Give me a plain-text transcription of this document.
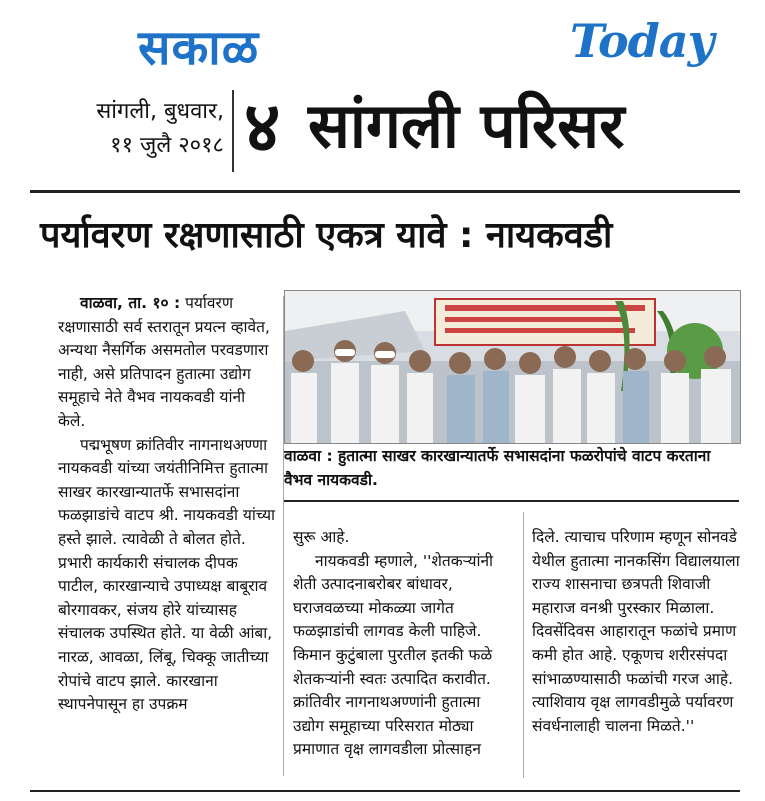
सकाळ	Today
सांगली, बुधवार,
११ जुलै २०१८ ४ सांगली परिसर
पर्यावरण रक्षणासाठी एकत्र यावे : नायकवडी

वाळवा, ता. १० : पर्यावरण रक्षणासाठी सर्व स्तरातून प्रयत्न व्हावेत, अन्यथा नैसर्गिक असमतोल परवडणारा नाही, असे प्रतिपादन हुतात्मा उद्योग समूहाचे नेते वैभव नायकवडी यांनी केले.

पद्मभूषण क्रांतिवीर नागनाथअण्णा नायकवडी यांच्या जयंतीनिमित्त हुतात्मा साखर कारखान्यातर्फे सभासदांना फळझाडांचे वाटप श्री. नायकवडी यांच्या हस्ते झाले. त्यावेळी ते बोलत होते. प्रभारी कार्यकारी संचालक दीपक पाटील, कारखान्याचे उपाध्यक्ष बाबूराव बोरगावकर, संजय होरे यांच्यासह संचालक उपस्थित होते. या वेळी आंबा, नारळ, आवळा, लिंबू, चिक्कू जातीच्या रोपांचे वाटप झाले. कारखाना स्थापनेपासून हा उपक्रम

वाळवा : हुतात्मा साखर कारखान्यातर्फे सभासदांना फळरोपांचे वाटप करताना वैभव नायकवडी.

सुरू आहे.

नायकवडी म्हणाले, ''शेतकऱ्यांनी शेती उत्पादनाबरोबर बांधावर, घराजवळच्या मोकळ्या जागेत फळझाडांची लागवड केली पाहिजे. किमान कुटुंबाला पुरतील इतकी फळे शेतकऱ्यांनी स्वतः उत्पादित करावीत. क्रांतिवीर नागनाथअण्णांनी हुतात्मा उद्योग समूहाच्या परिसरात मोठ्या प्रमाणात वृक्ष लागवडीला प्रोत्साहन

दिले. त्याचाच परिणाम म्हणून सोनवडे येथील हुतात्मा नानकसिंग विद्यालयाला राज्य शासनाचा छत्रपती शिवाजी महाराज वनश्री पुरस्कार मिळाला. दिवसेंदिवस आहारातून फळांचे प्रमाण कमी होत आहे. एकूणच शरीरसंपदा सांभाळण्यासाठी फळांची गरज आहे. त्याशिवाय वृक्ष लागवडीमुळे पर्यावरण संवर्धनालाही चालना मिळते.''
